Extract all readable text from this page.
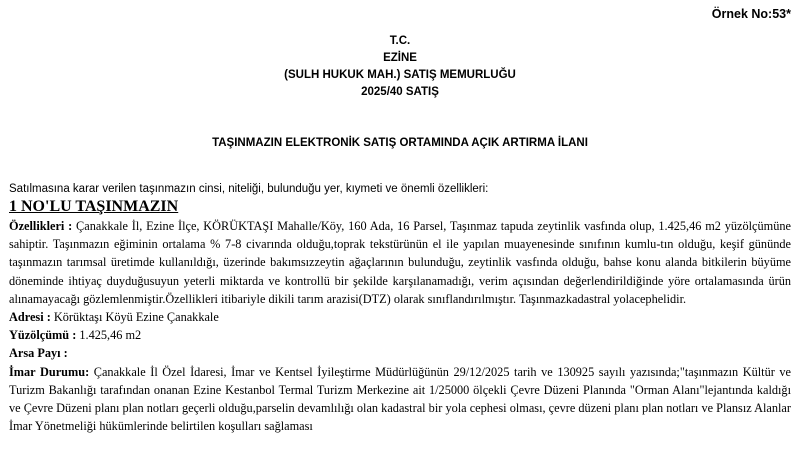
Örnek No:53*
T.C.
EZİNE
(SULH HUKUK MAH.) SATIŞ MEMURLUĞU
2025/40 SATIŞ
TAŞINMAZIN ELEKTRONİK SATIŞ ORTAMINDA AÇIK ARTIRMA İLANI
Satılmasına karar verilen taşınmazın cinsi, niteliği, bulunduğu yer, kıymeti ve önemli özellikleri:
1 NO'LU TAŞINMAZIN

Özellikleri : Çanakkale İl, Ezine İlçe, KÖRÜKTAŞI Mahalle/Köy, 160 Ada, 16 Parsel, Taşınmaz tapuda zeytinlik vasfında olup, 1.425,46 m2 yüzölçümüne sahiptir. Taşınmazın eğiminin ortalama % 7-8 civarında olduğu,toprak tekstürünün el ile yapılan muayenesinde sınıfının kumlu-tın olduğu, keşif gününde taşınmazın tarımsal üretimde kullanıldığı, üzerinde bakımsızzeytin ağaçlarının bulunduğu, zeytinlik vasfında olduğu, bahse konu alanda bitkilerin büyüme döneminde ihtiyaç duyduğusuyun yeterli miktarda ve kontrollü bir şekilde karşılanamadığı, verim açısından değerlendirildiğinde yöre ortalamasında ürün alınamayacağı gözlemlenmiştir.Özellikleri itibariyle dikili tarım arazisi(DTZ) olarak sınıflandırılmıştır. Taşınmazkadastral yolacephelidir.

Adresi : Körüktaşı Köyü Ezine Çanakkale

Yüzölçümü : 1.425,46 m2

Arsa Payı :

İmar Durumu: Çanakkale İl Özel İdaresi, İmar ve Kentsel İyileştirme Müdürlüğünün 29/12/2025 tarih ve 130925 sayılı yazısında;"taşınmazın Kültür ve Turizm Bakanlığı tarafından onanan Ezine Kestanbol Termal Turizm Merkezine ait 1/25000 ölçekli Çevre Düzeni Planında "Orman Alanı"lejantında kaldığı ve Çevre Düzeni planı plan notları geçerli olduğu,parselin devamlılığı olan kadastral bir yola cephesi olması, çevre düzeni planı plan notları ve Plansız Alanlar İmar Yönetmeliği hükümlerinde belirtilen koşulları sağlaması
